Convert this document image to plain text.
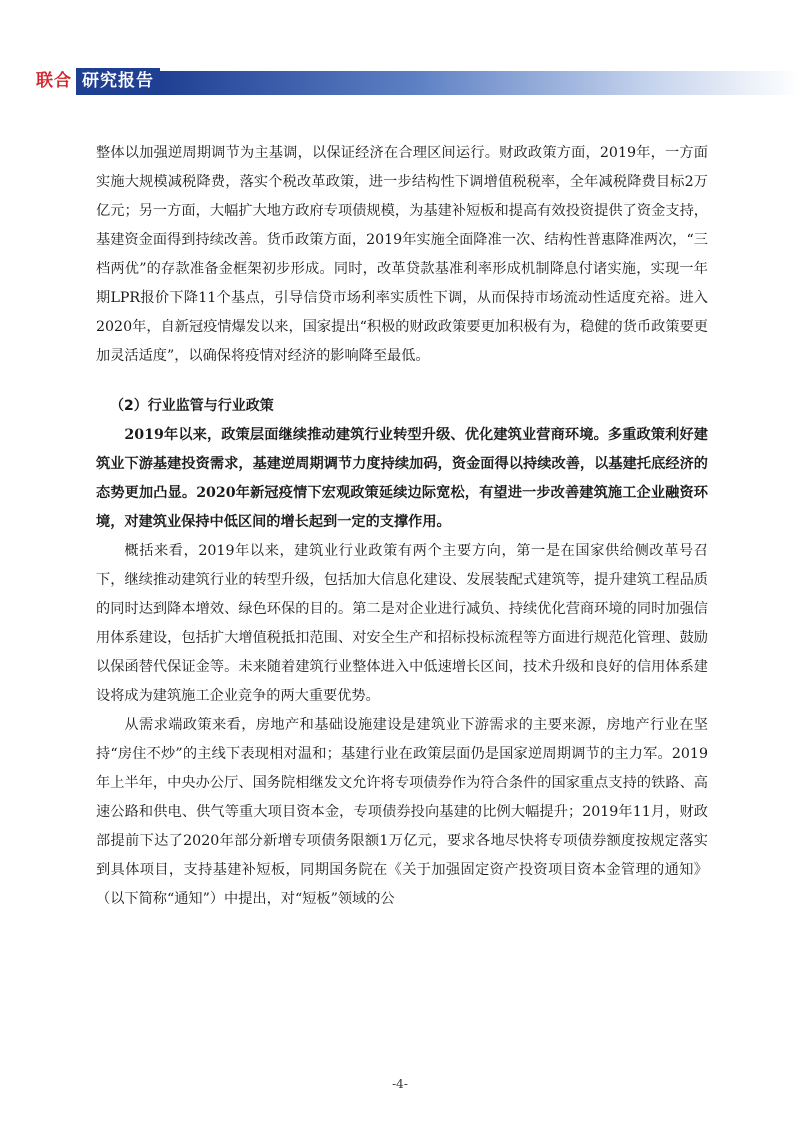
联合 研究报告

整体以加强逆周期调节为主基调，以保证经济在合理区间运行。财政政策方面，2019年，一方面实施大规模减税降费，落实个税改革政策，进一步结构性下调增值税税率，全年减税降费目标2万亿元；另一方面，大幅扩大地方政府专项债规模，为基建补短板和提高有效投资提供了资金支持，基建资金面得到持续改善。货币政策方面，2019年实施全面降准一次、结构性普惠降准两次，“三档两优”的存款准备金框架初步形成。同时，改革贷款基准利率形成机制降息付诸实施，实现一年期LPR报价下降11个基点，引导信贷市场利率实质性下调，从而保持市场流动性适度充裕。进入2020年，自新冠疫情爆发以来，国家提出“积极的财政政策要更加积极有为，稳健的货币政策要更加灵活适度”，以确保将疫情对经济的影响降至最低。

（2）行业监管与行业政策

2019年以来，政策层面继续推动建筑行业转型升级、优化建筑业营商环境。多重政策利好建筑业下游基建投资需求，基建逆周期调节力度持续加码，资金面得以持续改善，以基建托底经济的态势更加凸显。2020年新冠疫情下宏观政策延续边际宽松，有望进一步改善建筑施工企业融资环境，对建筑业保持中低区间的增长起到一定的支撑作用。

概括来看，2019年以来，建筑业行业政策有两个主要方向，第一是在国家供给侧改革号召下，继续推动建筑行业的转型升级，包括加大信息化建设、发展装配式建筑等，提升建筑工程品质的同时达到降本增效、绿色环保的目的。第二是对企业进行减负、持续优化营商环境的同时加强信用体系建设，包括扩大增值税抵扣范围、对安全生产和招标投标流程等方面进行规范化管理、鼓励以保函替代保证金等。未来随着建筑行业整体进入中低速增长区间，技术升级和良好的信用体系建设将成为建筑施工企业竞争的两大重要优势。

从需求端政策来看，房地产和基础设施建设是建筑业下游需求的主要来源，房地产行业在坚持“房住不炒”的主线下表现相对温和；基建行业在政策层面仍是国家逆周期调节的主力军。2019年上半年，中央办公厅、国务院相继发文允许将专项债券作为符合条件的国家重点支持的铁路、高速公路和供电、供气等重大项目资本金，专项债券投向基建的比例大幅提升；2019年11月，财政部提前下达了2020年部分新增专项债务限额1万亿元，要求各地尽快将专项债券额度按规定落实到具体项目，支持基建补短板，同期国务院在《关于加强固定资产投资项目资本金管理的通知》（以下简称“通知”）中提出，对“短板”领域的公

-4-
